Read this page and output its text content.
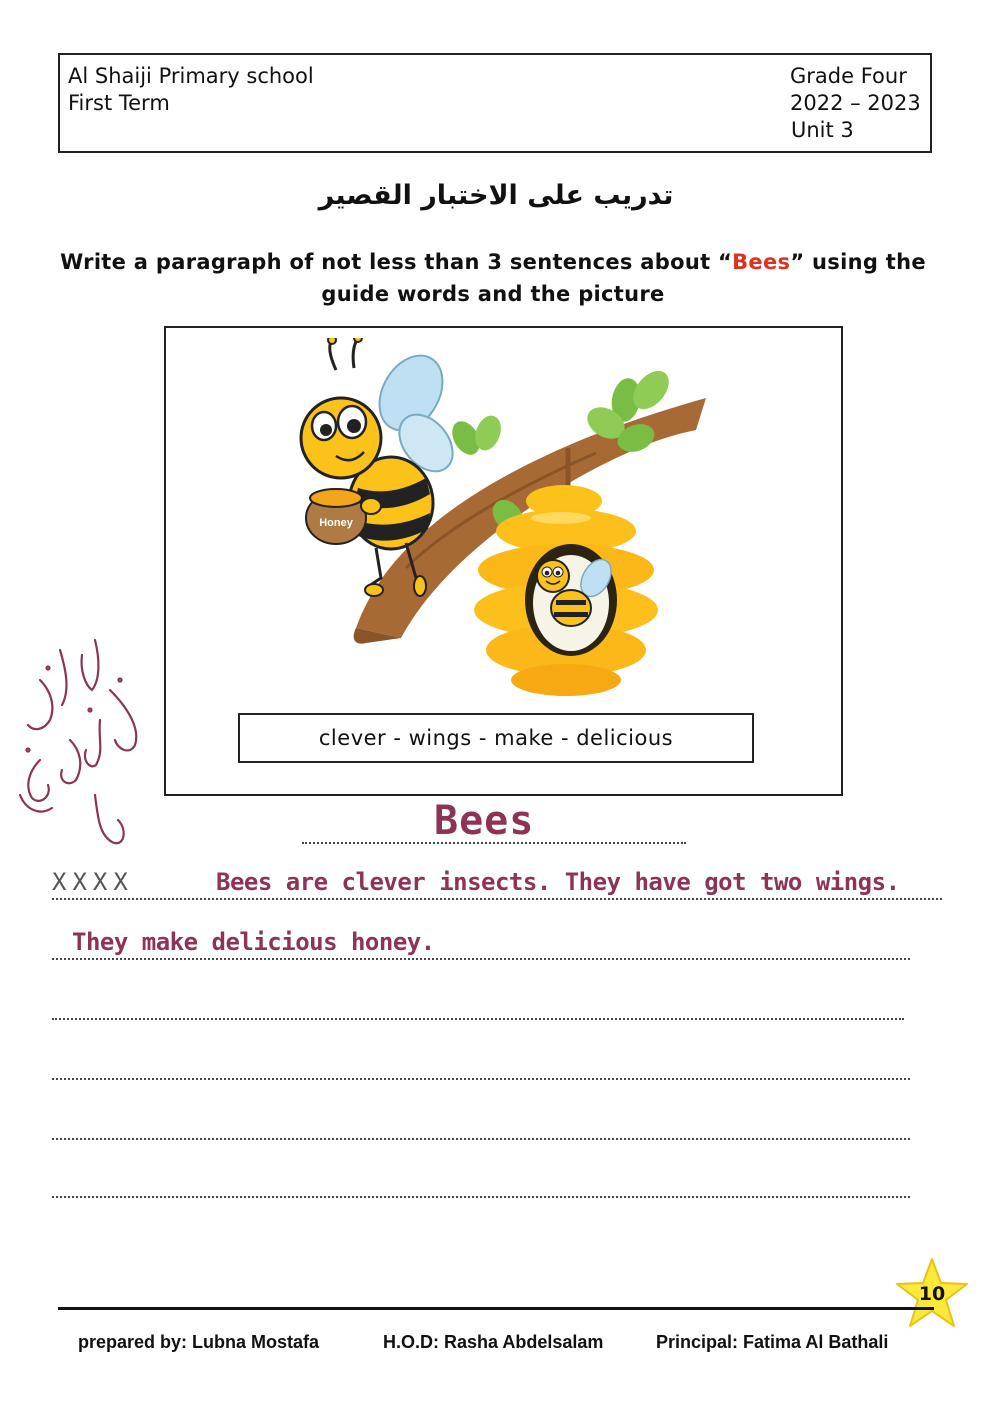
Al Shaiji Primary school
First Term
Grade Four
2022 – 2023
Unit 3
تدريب على الاختبار القصير
Write a paragraph of not less than 3 sentences about “Bees” using the guide words and the picture
Honey
clever - wings - make - delicious
Bees
XXXX	Bees are clever insects. They have got two wings.
They make delicious honey.
10
prepared by: Lubna Mostafa	H.O.D: Rasha Abdelsalam	Principal: Fatima Al Bathali
